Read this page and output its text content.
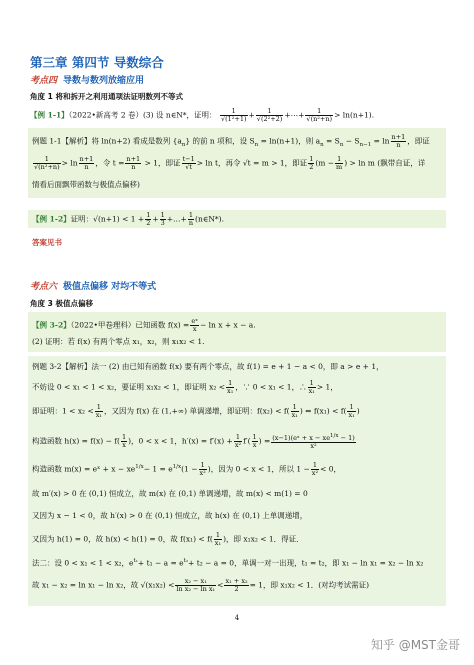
第三章 第四节 导数综合
考点四 导数与数列放缩应用
角度 1 将和拆开之利用通项法证明数列不等式
【例 1-1】（2022•新高考 2 卷）(3) 设 n∈N*，证明： $\frac{1}{\text{√(1²+1)}} + \frac{1}{\text{√(2²+2)}}$ +⋯+ $\frac{1}{\text{√(n²+n)}} > \ln(n+1)$.
例题 1-1【解析】将 ln(n+2) 看成是数列 $\{a_n\}$ 的前 n 项和，设 $S_n = \ln(n+1)$，则 $a_n = S_n - S_{n-1} = \ln \frac{n+1}{n}$ ，即证
$\frac{1}{\text{√(n²+n)}} > \ln \frac{n+1}{n}$ ，令 $t = \frac{n+1}{n} > 1$，即证 $\frac{t-1}{√t} > \ln t$，再令 √t = m > 1，即证 $\frac{1}{2} (m - \frac{1}{m}$ ) > ln m (飘带自证，详
情看后面飘带函数与极值点偏移)
【例 1-2】证明：$√(n+1) < 1 + \frac{1}{2} + \frac{1}{3}$ +…+ $\frac{1}{n}$ (n∈N*).
答案见书
考点六 极值点偏移 对均不等式
角度 3 极值点偏移
【例 3-2】（2022•甲卷理科）已知函数 $f(x) = \frac{\text{eˣ}}{x} - \ln x + x - a$.
(2) 证明：若 f(x) 有两个零点 x₁，x₂，则 x₁x₂ < 1.
例题 3-2【解析】法一 (2) 由已知有函数 f(x) 要有两个零点，故 f(1) = e + 1 − a < 0，即 a > e + 1，
不妨设 0 < x₁ < 1 < x₂，要证明 x₁x₂ < 1，即证明 $x_2 < \frac{1}{\text{x₁}}$ ，∵ 0 < x₁ < 1，∴ $\frac{1}{\text{x₁}} > 1$，
即证明：$1 < x_2 < \frac{1}{\text{x₁}}$ ，又因为 f(x) 在 (1,+∞) 单调递增，即证明：$f(x_2) < f( \frac{1}{\text{x₁}}$ ) ⇔ $f(x_1) < f( \frac{1}{\text{x₁}}$ )
构造函数 $h(x) = f(x) - f( \frac{1}{x}$ )，0 < x < 1，$h'(x) = f'(x) + \frac{1}{\text{x²}} f'( \frac{1}{x}$ ) = $\frac{(x-1)(eˣ + x - xe^{1/x} - 1)}{\text{x²}}$
构造函数 m(x) = eˣ + $x - xe^{1/x}- 1 = e^{1/x}(1 - \frac{1}{\text{x²}}$ )，因为 0 < x < 1，所以 $1 - \frac{1}{\text{x²}} < 0$，
故 m′(x) > 0 在 (0,1) 恒成立，故 m(x) 在 (0,1) 单调递增，故 m(x) < m(1) = 0
又因为 x − 1 < 0，故 h′(x) > 0 在 (0,1) 恒成立，故 h(x) 在 (0,1) 上单调递增，
又因为 h(1) = 0，故 h(x) < h(1) = 0，故 $f(x_1) < f( \frac{1}{\text{x₁}}$ )，即 x₁x₂ < 1．得证．
法二：设 0 < x₁ < 1 < x₂，$e^{t_1}+ t_1 - a = e^{t_2}+ t_2 - a = 0$，单调一对一出现，t₁ = t₂，即 x₁ − ln x₁ = x₂ − ln x₂
故 x₁ − x₂ = ln x₁ − ln x₂，故 $√(x_1x_2) < \frac{\text{x₂ − x₁}}{\text{ln x₂ − ln x₁}} < \frac{\text{x₁ + x₂}}{2} = 1$，即 x₁x₂ < 1．(对均考试需证)
4
知乎 @MST金哥
